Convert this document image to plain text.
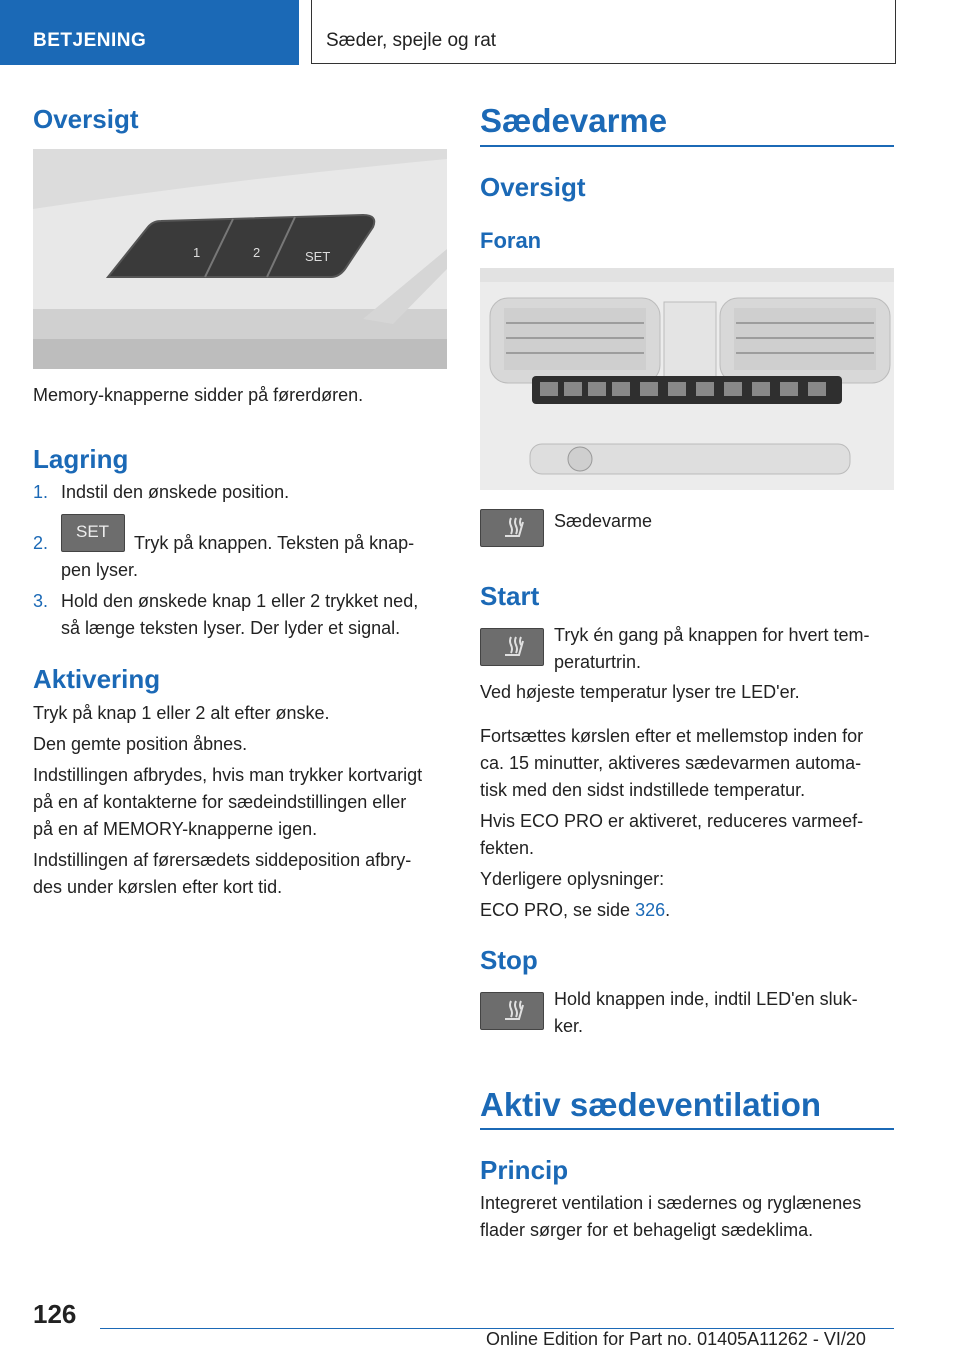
BETJENING	Sæder, spejle og rat
Oversigt
1	2	SET
Memory-knapperne sidder på førerdøren.
Lagring
1. Indstil den ønskede position.
2.
SET
Tryk på knappen. Teksten på knap-
pen lyser.
3. Hold den ønskede knap 1 eller 2 trykket ned,
så længe teksten lyser. Der lyder et signal.
Aktivering
Tryk på knap 1 eller 2 alt efter ønske.
Den gemte position åbnes.
Indstillingen afbrydes, hvis man trykker kortvarigt
på en af kontakterne for sædeindstillingen eller
på en af MEMORY-knapperne igen.
Indstillingen af førersædets siddeposition afbry-
des under kørslen efter kort tid.
Sædevarme
Oversigt
Foran
Sædevarme
Start
Tryk én gang på knappen for hvert tem-
peraturtrin.
Ved højeste temperatur lyser tre LED'er.
Fortsættes kørslen efter et mellemstop inden for
ca. 15 minutter, aktiveres sædevarmen automa-
tisk med den sidst indstillede temperatur.
Hvis ECO PRO er aktiveret, reduceres varmeef-
fekten.
Yderligere oplysninger:
ECO PRO, se side 326.
Stop
Hold knappen inde, indtil LED'en sluk-
ker.
Aktiv sædeventilation
Princip
Integreret ventilation i sædernes og ryglænenes
flader sørger for et behageligt sædeklima.
126
Online Edition for Part no. 01405A11262 - VI/20
